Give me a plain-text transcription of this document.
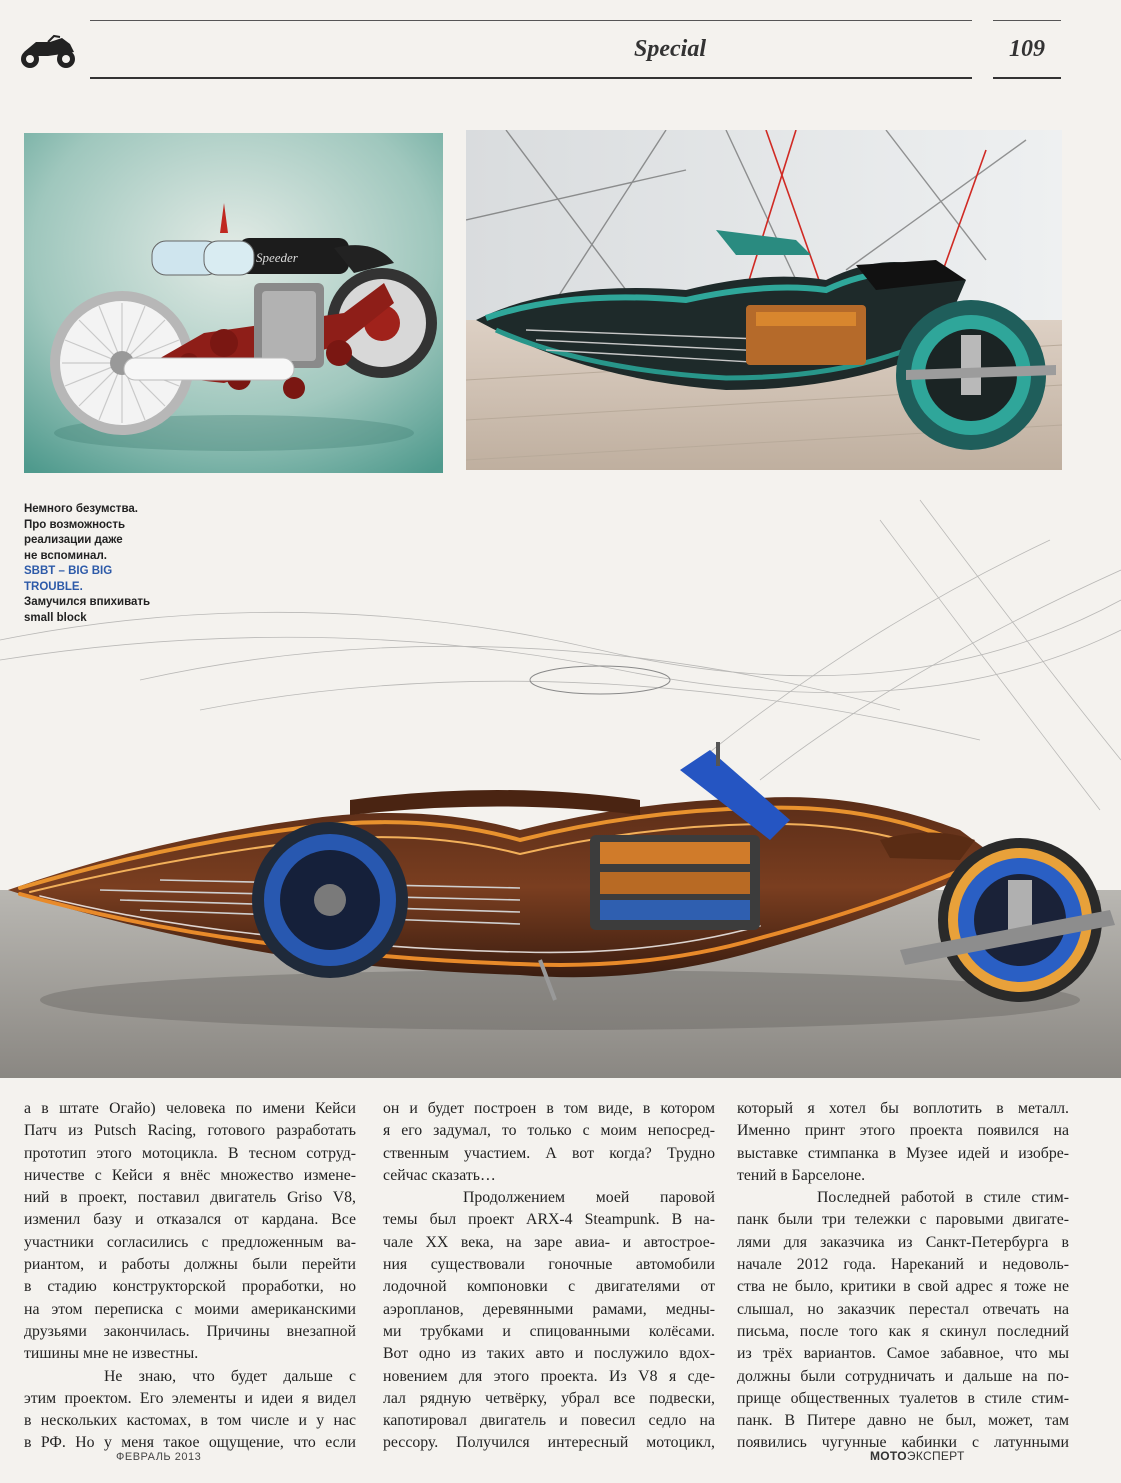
Special	109
Speeder
Немного безумства.
Про возможность
реализации даже
не вспоминал.
SBBT – BIG BIG TROUBLE.
Замучился впихивать
small block
а в штате Огайо) человека по имени Кейси
Патч из Putsch Racing, готового разработать
прототип этого мотоцикла. В тесном сотруд-
ничестве с Кейси я внёс множество измене-
ний в проект, поставил двигатель Griso V8,
изменил базу и отказался от кардана. Все
участники согласились с предложенным ва-
риантом, и работы должны были перейти
в стадию конструкторской проработки, но
на этом переписка с моими американскими
друзьями закончилась. Причины внезапной
тишины мне не известны.
Не знаю, что будет дальше с
этим проектом. Его элементы и идеи я видел
в нескольких кастомах, в том числе и у нас
в РФ. Но у меня такое ощущение, что если
он и будет построен в том виде, в котором
я его задумал, то только с моим непосред-
ственным участием. А вот когда? Трудно
сейчас сказать…
Продолжением моей паровой
темы был проект ARX-4 Steampunk. В на-
чале XX века, на заре авиа- и автострое-
ния существовали гоночные автомобили
лодочной компоновки с двигателями от
аэропланов, деревянными рамами, медны-
ми трубками и спицованными колёсами.
Вот одно из таких авто и послужило вдох-
новением для этого проекта. Из V8 я сде-
лал рядную четвёрку, убрал все подвески,
капотировал двигатель и повесил седло на
рессору. Получился интересный мотоцикл,
который я хотел бы воплотить в металл.
Именно принт этого проекта появился на
выставке стимпанка в Музее идей и изобре-
тений в Барселоне.
Последней работой в стиле стим-
панк были три тележки с паровыми двигате-
лями для заказчика из Санкт-Петербурга в
начале 2012 года. Нареканий и недоволь-
ства не было, критики в свой адрес я тоже не
слышал, но заказчик перестал отвечать на
письма, после того как я скинул последний
из трёх вариантов. Самое забавное, что мы
должны были сотрудничать и дальше на по-
прище общественных туалетов в стиле стим-
панк. В Питере давно не был, может, там
появились чугунные кабинки с латунными
ФЕВРАЛЬ 2013	МОТОЭКСПЕРТ
